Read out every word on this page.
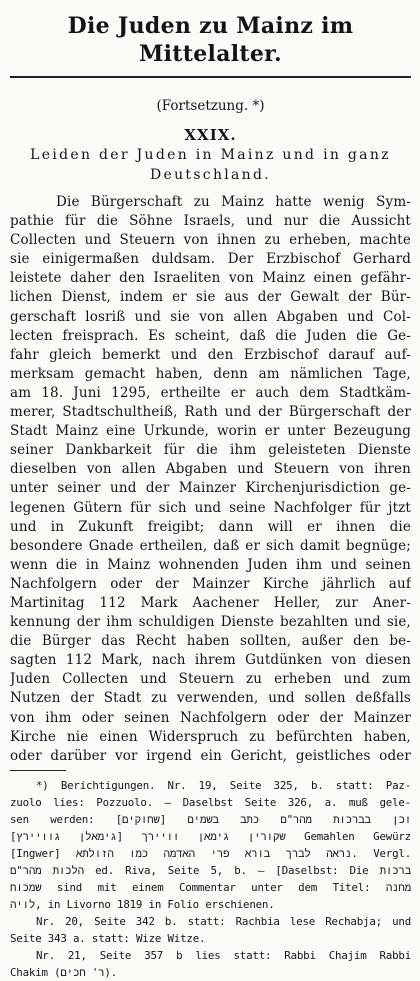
Die Juden zu Mainz im Mittelalter.
(Fortsetzung. *)
XXIX.
Leiden der Juden in Mainz und in ganz
Deutschland.
Die Bürgerschaft zu Mainz hatte wenig Sym-
pathie für die Söhne Israels, und nur die Aussicht
Collecten und Steuern von ihnen zu erheben, machte
sie einigermaßen duldsam. Der Erzbischof Gerhard
leistete daher den Israeliten von Mainz einen gefähr-
lichen Dienst, indem er sie aus der Gewalt der Bür-
gerschaft losriß und sie von allen Abgaben und Col-
lecten freisprach. Es scheint, daß die Juden die Ge-
fahr gleich bemerkt und den Erzbischof darauf auf-
merksam gemacht haben, denn am nämlichen Tage,
am 18. Juni 1295, ertheilte er auch dem Stadtkäm-
merer, Stadtschultheiß, Rath und der Bürgerschaft der
Stadt Mainz eine Urkunde, worin er unter Bezeugung
seiner Dankbarkeit für die ihm geleisteten Dienste
dieselben von allen Abgaben und Steuern von ihren
unter seiner und der Mainzer Kirchenjurisdiction ge-
legenen Gütern für sich und seine Nachfolger für jtzt
und in Zukunft freigibt; dann will er ihnen die
besondere Gnade ertheilen, daß er sich damit begnüge;
wenn die in Mainz wohnenden Juden ihm und seinen
Nachfolgern oder der Mainzer Kirche jährlich auf
Martinitag 112 Mark Aachener Heller, zur Aner-
kennung der ihm schuldigen Dienste bezahlten und sie,
die Bürger das Recht haben sollten, außer den be-
sagten 112 Mark, nach ihrem Gutdünken von diesen
Juden Collecten und Steuern zu erheben und zum
Nutzen der Stadt zu verwenden, und sollen deßfalls
von ihm oder seinen Nachfolgern oder der Mainzer
Kirche nie einen Widerspruch zu befürchten haben,
oder darüber vor irgend ein Gericht, geistliches oder
*) Berichtigungen. Nr. 19, Seite 325, b. statt: Paz-
zuolo lies: Pozzuolo. — Daselbst Seite 326, a. muß gele-
sen werden: [שחוקים] וכן בברכות מהר"ם כתב בשמים
שקורין גימאן וויירך [גימאלן גוויירץ] Gemahlen Gewürz
[Ingwer] נראה לברך בורא פרי האדמה כמו הזולתא. Vergl.
הלכות מהר"ם ed. Riva, Seite 5, b. — [Daselbst: Die ברכות
שמכוח sind mit einem Commentar unter dem Titel: מחנה
לויה, in Livorno 1819 in Folio erschienen.
Nr. 20, Seite 342 b. statt: Rachbia lese Rechabja; und
Seite 343 a. statt: Wize Witze.
Nr. 21, Seite 357 b lies statt: Rabbi Chajim Rabbi
Chakim (ר' חכים).
